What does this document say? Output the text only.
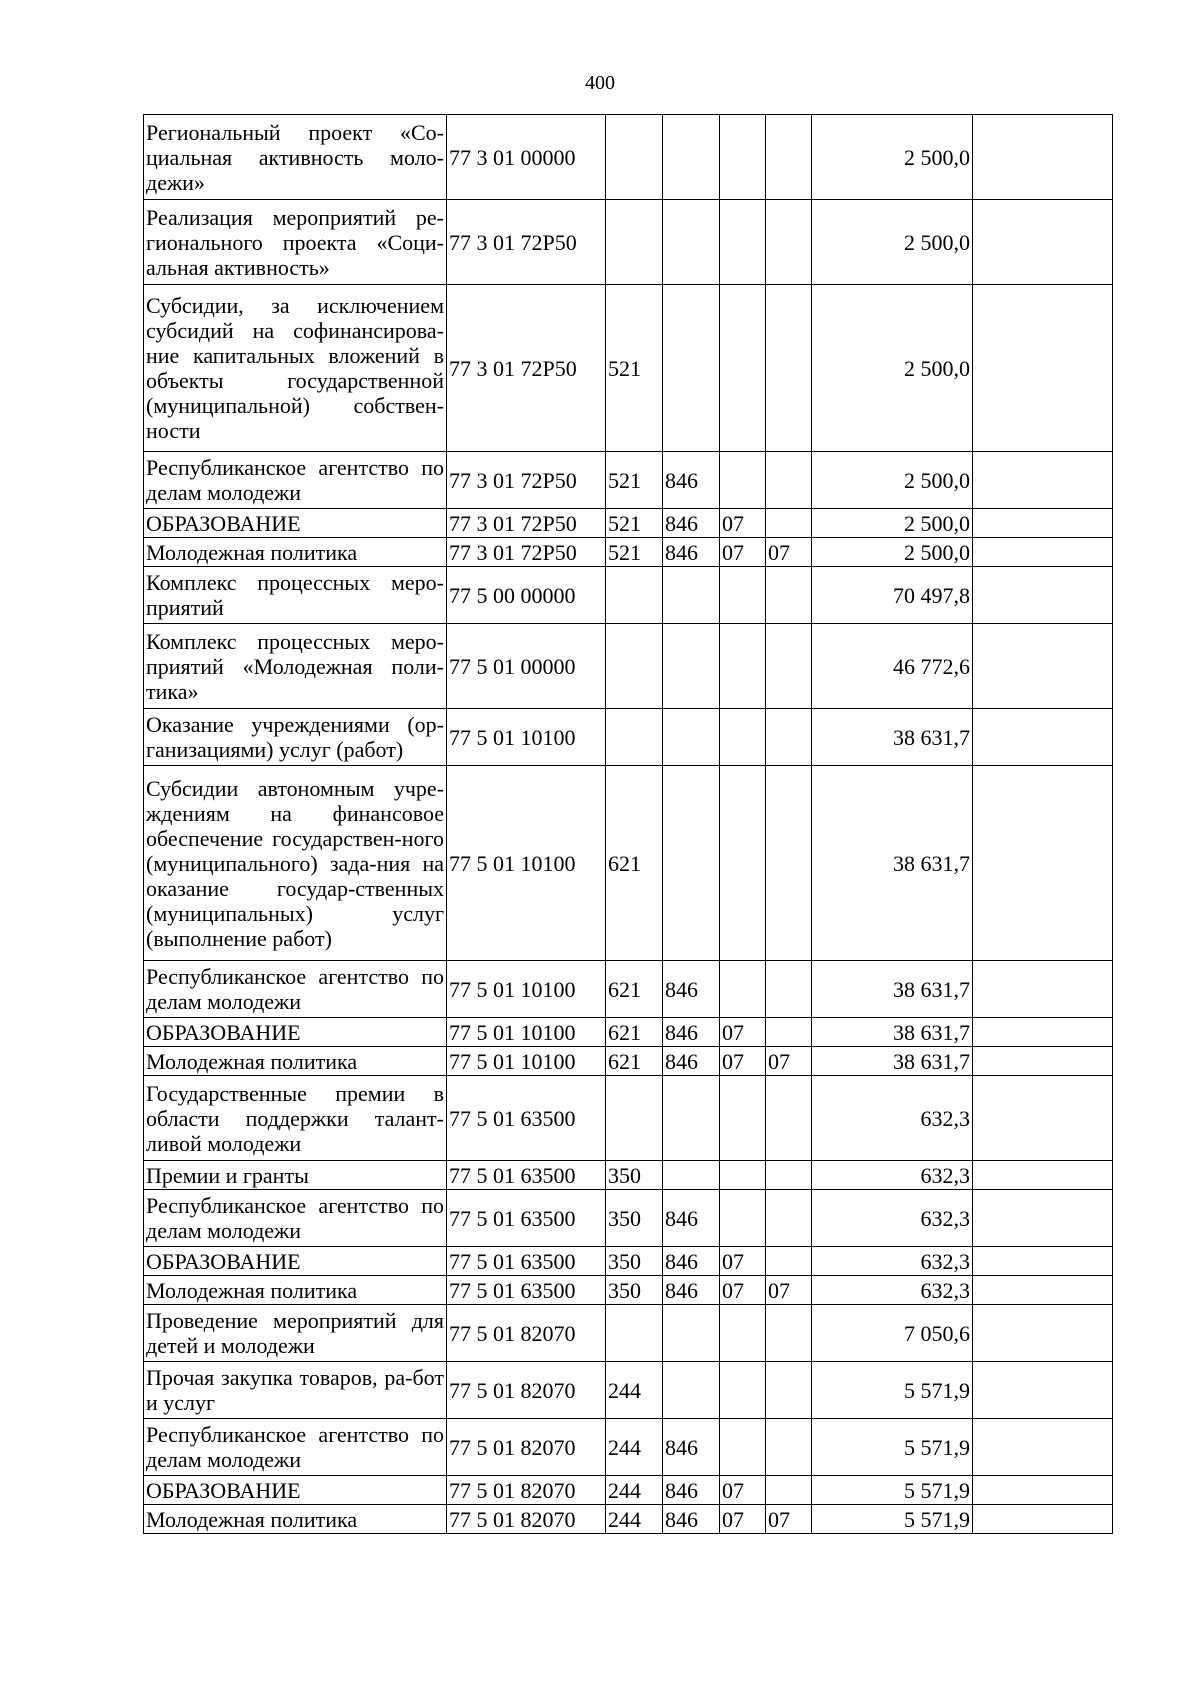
400
Региональный проект «Со-циальная активность моло-дежи»	77 3 01 00000					2 500,0	
Реализация мероприятий ре-гионального проекта «Соци-альная активность»	77 3 01 72Р50					2 500,0	
Субсидии, за исключением субсидий на софинансирова-ние капитальных вложений в объекты государственной (муниципальной) собствен-ности	77 3 01 72Р50	521				2 500,0	
Республиканское агентство по делам молодежи	77 3 01 72Р50	521	846			2 500,0	
ОБРАЗОВАНИЕ	77 3 01 72Р50	521	846	07		2 500,0	
Молодежная политика	77 3 01 72Р50	521	846	07	07	2 500,0	
Комплекс процессных меро-приятий	77 5 00 00000					70 497,8	
Комплекс процессных меро-приятий «Молодежная поли-тика»	77 5 01 00000					46 772,6	
Оказание учреждениями (ор-ганизациями) услуг (работ)	77 5 01 10100					38 631,7	
Субсидии автономным учре-ждениям на финансовое обеспечение государствен-ного (муниципального) зада-ния на оказание государ-ственных (муниципальных) услуг (выполнение работ)	77 5 01 10100	621				38 631,7	
Республиканское агентство по делам молодежи	77 5 01 10100	621	846			38 631,7	
ОБРАЗОВАНИЕ	77 5 01 10100	621	846	07		38 631,7	
Молодежная политика	77 5 01 10100	621	846	07	07	38 631,7	
Государственные премии в области поддержки талант-ливой молодежи	77 5 01 63500					632,3	
Премии и гранты	77 5 01 63500	350				632,3	
Республиканское агентство по делам молодежи	77 5 01 63500	350	846			632,3	
ОБРАЗОВАНИЕ	77 5 01 63500	350	846	07		632,3	
Молодежная политика	77 5 01 63500	350	846	07	07	632,3	
Проведение мероприятий для детей и молодежи	77 5 01 82070					7 050,6	
Прочая закупка товаров, ра-бот и услуг	77 5 01 82070	244				5 571,9	
Республиканское агентство по делам молодежи	77 5 01 82070	244	846			5 571,9	
ОБРАЗОВАНИЕ	77 5 01 82070	244	846	07		5 571,9	
Молодежная политика	77 5 01 82070	244	846	07	07	5 571,9	
